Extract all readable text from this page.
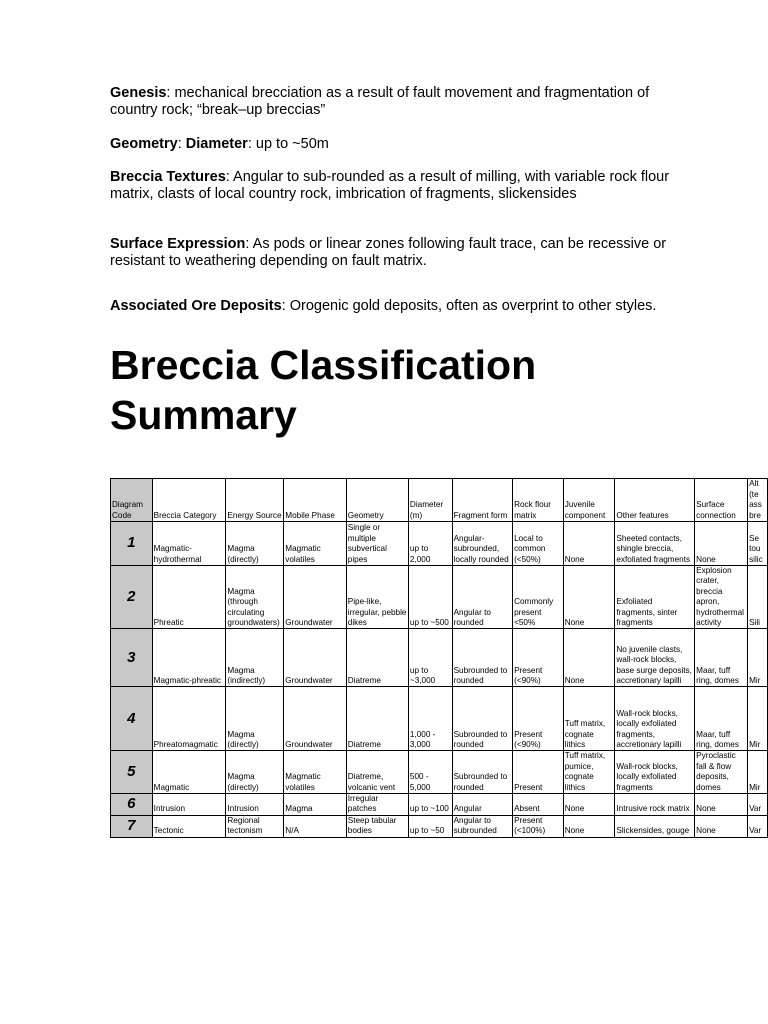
Genesis: mechanical brecciation as a result of fault movement and fragmentation of country rock; “break–up breccias”
Geometry: Diameter: up to ~50m
Breccia Textures: Angular to sub-rounded as a result of milling, with variable rock flour matrix, clasts of local country rock, imbrication of fragments, slickensides
Surface Expression: As pods or linear zones following fault trace, can be recessive or resistant to weathering depending on fault matrix.
Associated Ore Deposits: Orogenic gold deposits, often as overprint to other styles.
Breccia Classification Summary
Diagram Code	Breccia Category	Energy Source	Mobile Phase	Geometry	Diameter (m)	Fragment form	Rock flour matrix	Juvenile component	Other features	Surface connection	Alt (te ass bre
1	Magmatic-hydrothermal	Magma (directly)	Magmatic volatiles	Single or multiple subvertical pipes	up to 2,000	Angular-subrounded, locally rounded	Local to common (<50%)	None	Sheeted contacts, shingle breccia, exfoliated fragments	None	Se tou silic
2	Phreatic	Magma (through circulating groundwaters)	Groundwater	Pipe-like, irregular, pebble dikes	up to ~500	Angular to rounded	Commonly present <50%	None	Exfoliated fragments, sinter fragments	Explosion crater, breccia apron, hydrothermal activity	Sili
3	Magmatic-phreatic	Magma (indirectly)	Groundwater	Diatreme	up to ~3,000	Subrounded to rounded	Present (<90%)	None	No juvenile clasts, wall-rock blocks, base surge deposits, accretionary lapilli	Maar, tuff ring, domes	Mir
4	Phreatomagmatic	Magma (directly)	Groundwater	Diatreme	1,000 - 3,000	Subrounded to rounded	Present (<90%)	Tuff matrix, cognate lithics	Wall-rock blocks, locally exfoliated fragments, accretionary lapilli	Maar, tuff ring, domes	Mir
5	Magmatic	Magma (directly)	Magmatic volatiles	Diatreme, volcanic vent	500 - 5,000	Subrounded to rounded	Present	Tuff matrix, pumice, cognate lithics	Wall-rock blocks, locally exfoliated fragments	Pyroclastic fall & flow deposits, domes	Mir
6	Intrusion	Intrusion	Magma	Irregular patches	up to ~100	Angular	Absent	None	Intrusive rock matrix	None	Var
7	Tectonic	Regional tectonism	N/A	Steep tabular bodies	up to ~50	Angular to subrounded	Present (<100%)	None	Slickensides, gouge	None	Var
